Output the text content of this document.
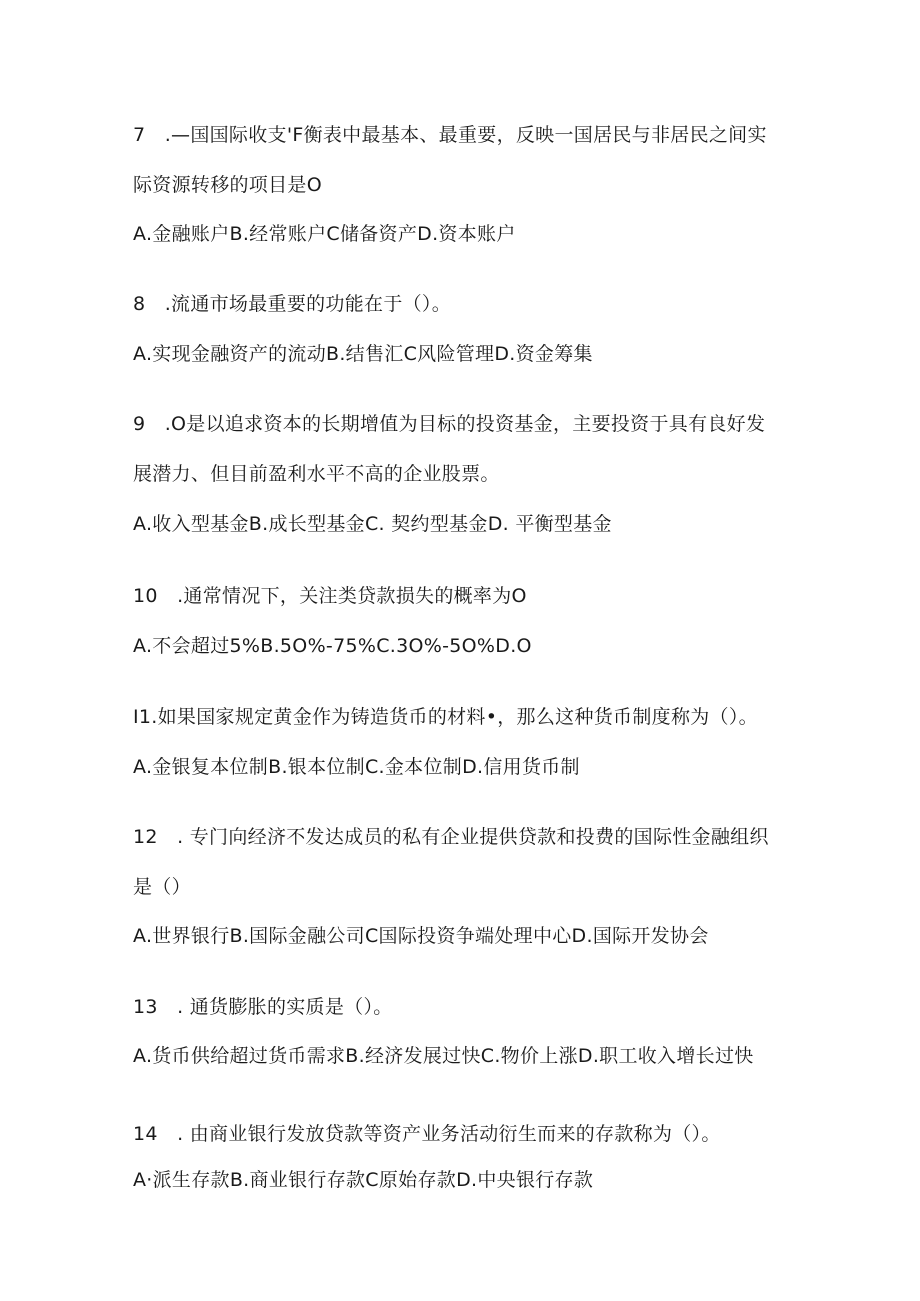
7　.—国国际收支'F衡表中最基本、最重要，反映一国居民与非居民之间实
际资源转移的项目是O
A.金融账户B.经常账户C储备资产D.资本账户
8　.流通市场最重要的功能在于（）。
A.实现金融资产的流动B.结售汇C风险管理D.资金筹集
9　.O是以追求资本的长期增值为目标的投资基金，主要投资于具有良好发
展潜力、但目前盈利水平不高的企业股票。
A.收入型基金B.成长型基金C. 契约型基金D. 平衡型基金
10　.通常情况下，关注类贷款损失的概率为O
A.不会超过5%B.5O%-75%C.3O%-5O%D.O
I1.如果国家规定黄金作为铸造货币的材料•，那么这种货币制度称为（）。
A.金银复本位制B.银本位制C.金本位制D.信用货币制
12　. 专门向经济不发达成员的私有企业提供贷款和投费的国际性金融组织
是（）
A.世界银行B.国际金融公司C国际投资争端处理中心D.国际开发协会
13　. 通货膨胀的实质是（）。
A.货币供给超过货币需求B.经济发展过快C.物价上涨D.职工收入增长过快
14　. 由商业银行发放贷款等资产业务活动衍生而来的存款称为（）。
A·派生存款B.商业银行存款C原始存款D.中央银行存款
